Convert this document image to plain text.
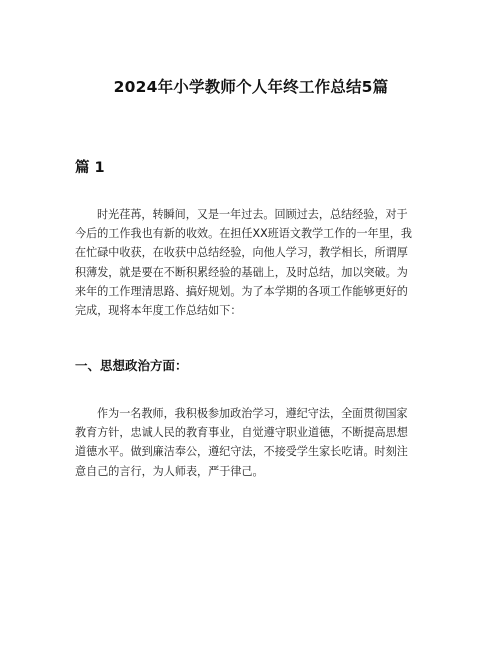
2024年小学教师个人年终工作总结5篇
篇 1

时光荏苒，转瞬间，又是一年过去。回顾过去，总结经验，对于
今后的工作我也有新的收效。在担任XX班语文教学工作的一年里，我
在忙碌中收获，在收获中总结经验，向他人学习，教学相长，所谓厚
积薄发，就是要在不断积累经验的基础上，及时总结，加以突破。为
来年的工作理清思路、搞好规划。为了本学期的各项工作能够更好的
完成，现将本年度工作总结如下：

一、思想政治方面：

作为一名教师，我积极参加政治学习，遵纪守法，全面贯彻国家
教育方针，忠诚人民的教育事业，自觉遵守职业道德，不断提高思想
道德水平。做到廉洁奉公，遵纪守法，不接受学生家长吃请。时刻注
意自己的言行，为人师表，严于律己。
